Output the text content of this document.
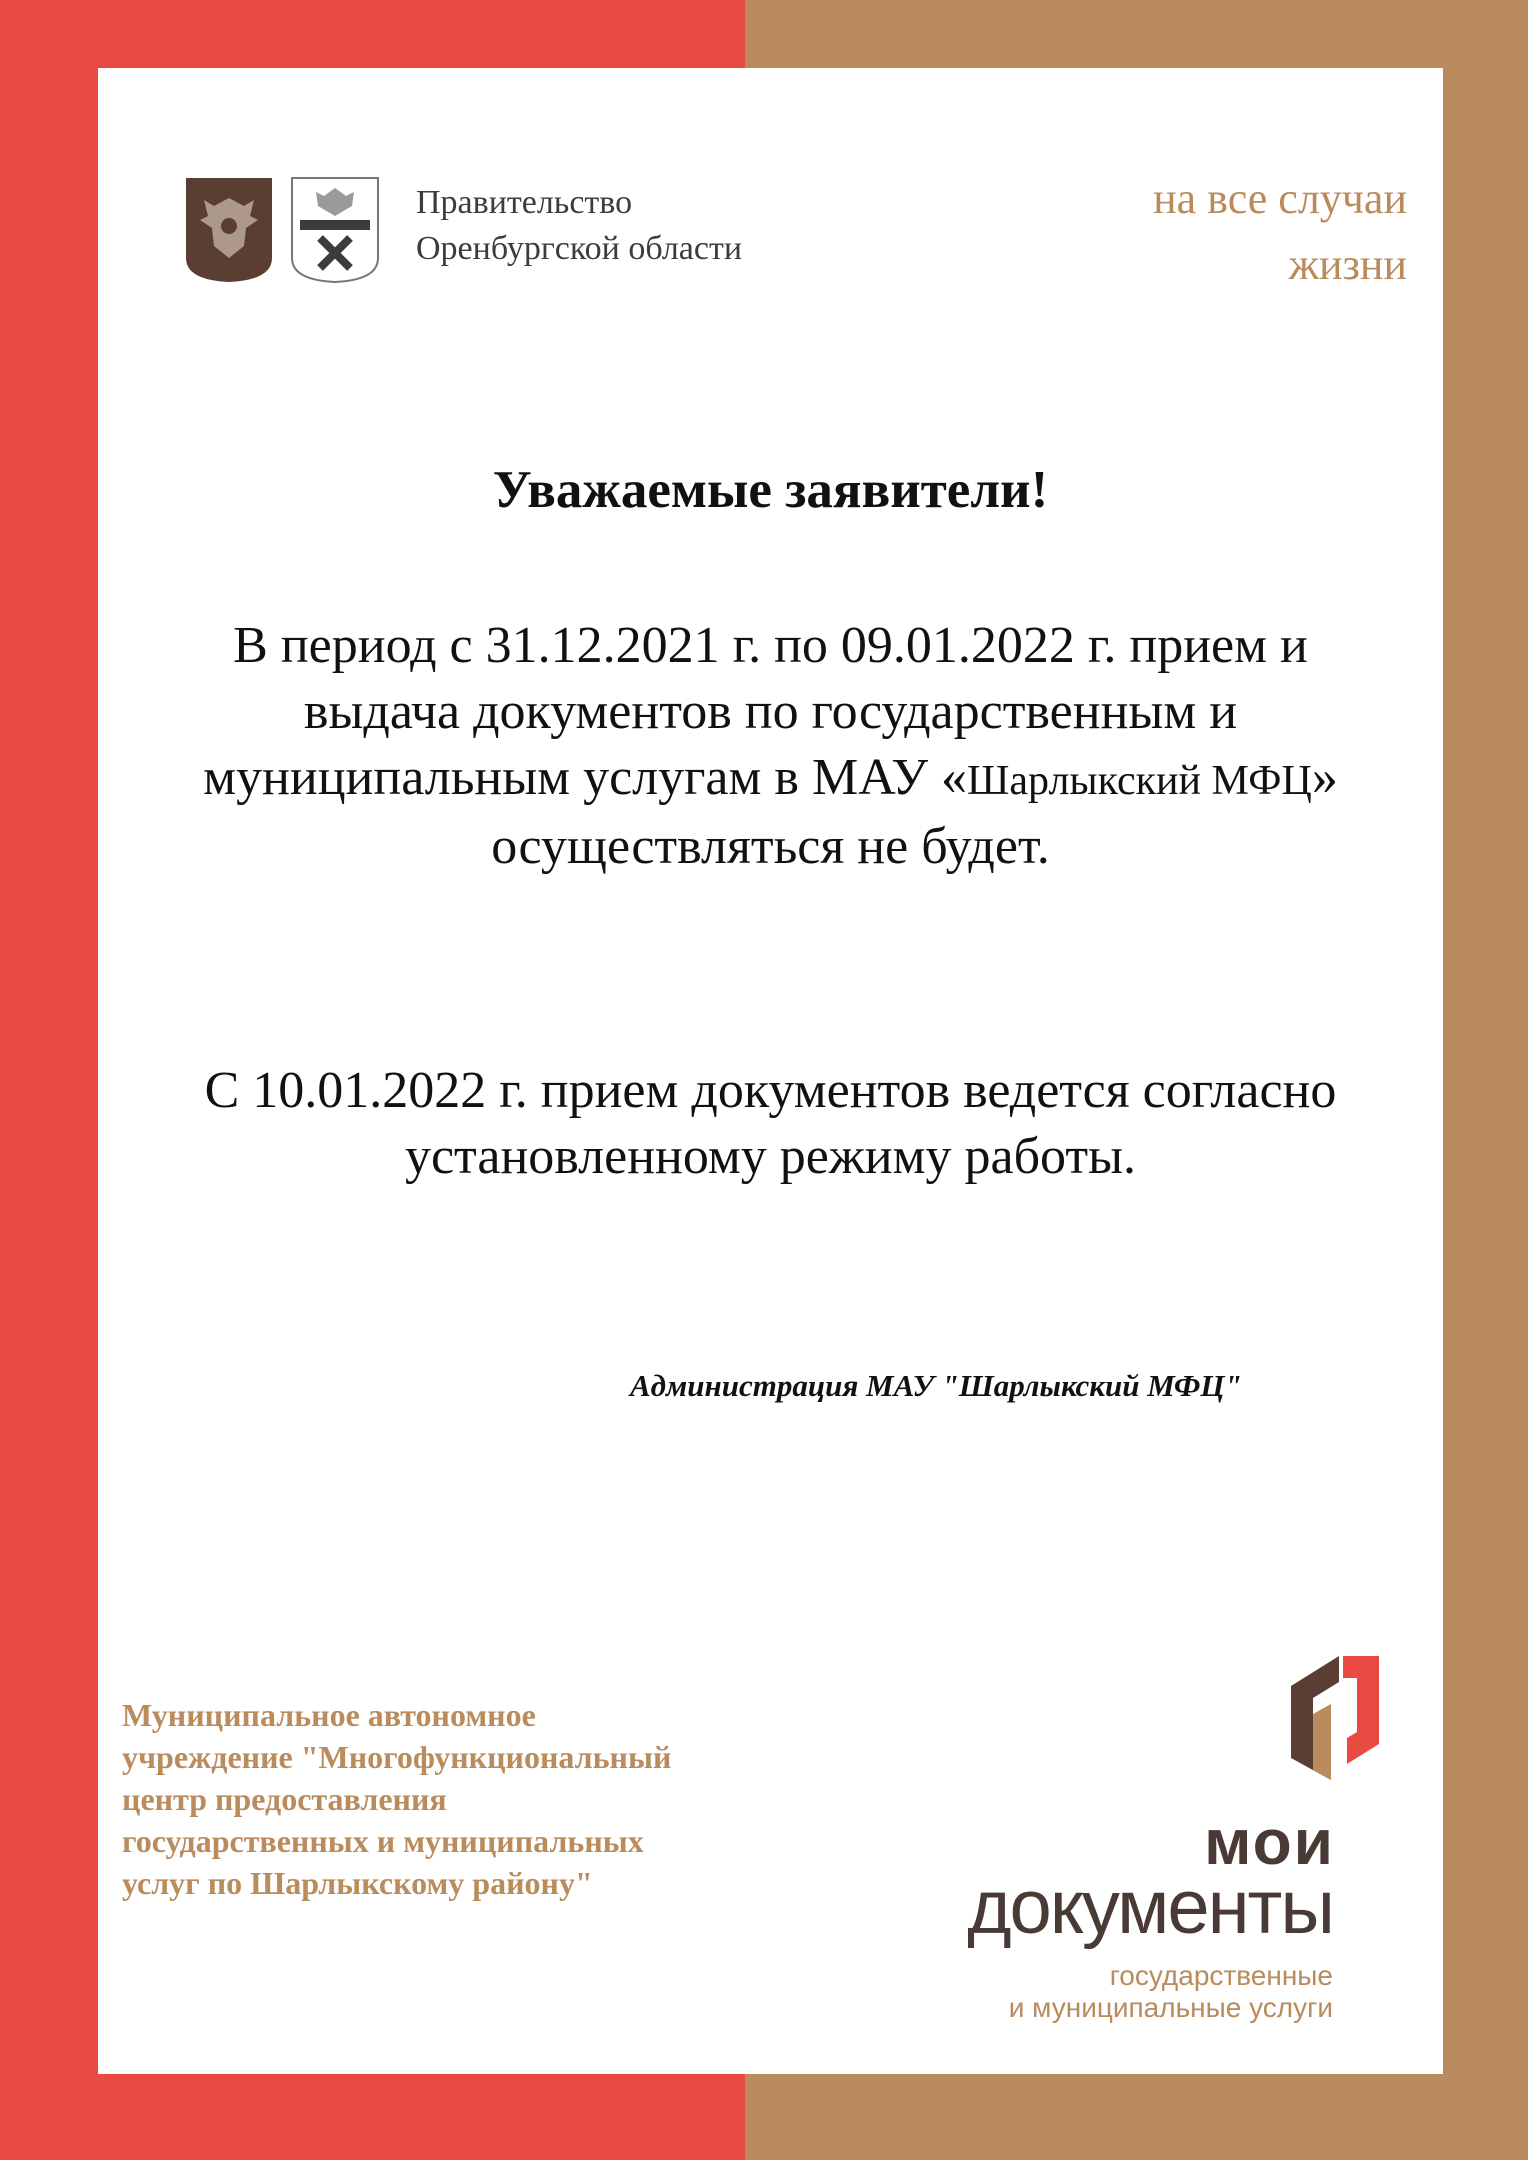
Правительство
Оренбургской области
на все случаи
жизни
Уважаемые заявители!
В период с 31.12.2021 г. по 09.01.2022 г. прием и выдача документов по государственным и муниципальным услугам в МАУ «Шарлыкский МФЦ» осуществляться не будет.
С 10.01.2022 г. прием документов ведется согласно установленному режиму работы.
Администрация МАУ "Шарлыкский МФЦ"
Муниципальное автономное учреждение "Многофункциональный центр предоставления государственных и муниципальных услуг по Шарлыкскому району"
мои
документы
государственные
и муниципальные услуги
